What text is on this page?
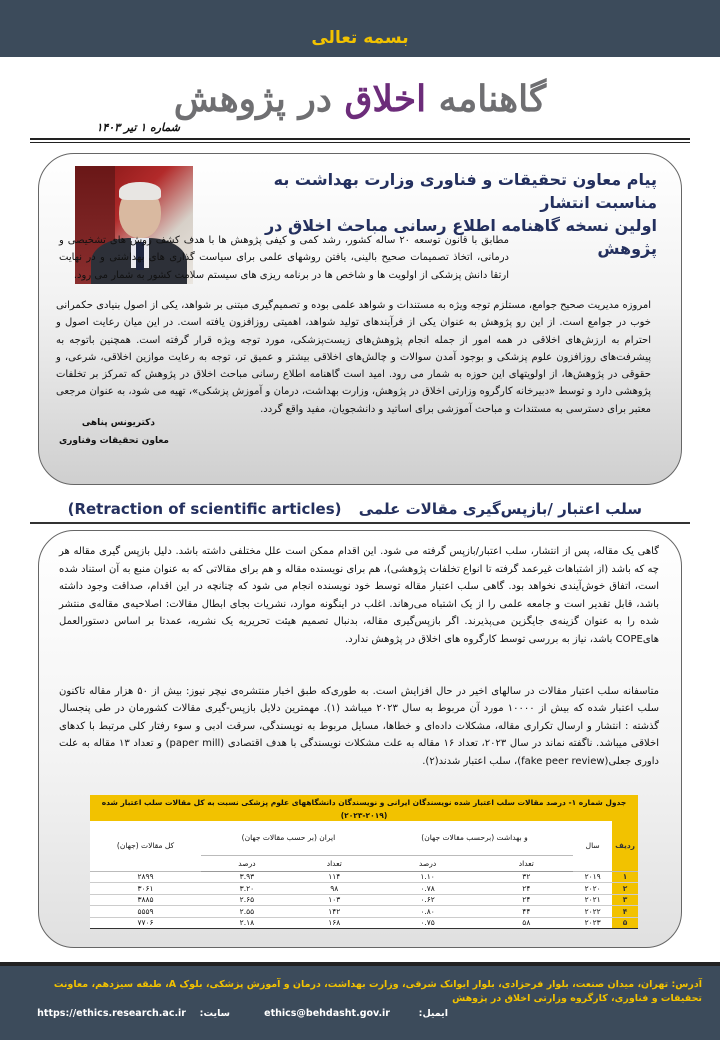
بسمه تعالی
گاهنامه اخلاق در پژوهش
شماره ۱ تیر ۱۴۰۳
پیام معاون تحقیقات و فناوری وزارت بهداشت به مناسبت انتشار
اولین نسخه گاهنامه اطلاع رسانی مباحث اخلاق در پژوهش

مطابق با قانون توسعه ۲۰ ساله کشور، رشد کمی و کیفی پژوهش ها با هدف کشف روش های تشخیصی و درمانی، اتخاذ تصمیمات صحیح بالینی، یافتن روشهای علمی برای سیاست گذاری های بهداشتی و در نهایت ارتقا دانش پزشکی از اولویت ها و شاخص ها در برنامه ریزی های سیستم سلامت کشور به شمار می رود.

امروزه مدیریت صحیح جوامع، مستلزم توجه ویژه به مستندات و شواهد علمی بوده و تصمیم‌گیری مبتنی بر شواهد، یکی از اصول بنیادی حکمرانی خوب در جوامع است. از این رو پژوهش به عنوان یکی از فرآیندهای تولید شواهد، اهمیتی روزافزون یافته است. در این میان رعایت اصول و احترام به ارزش‌های اخلاقی در همه امور از جمله انجام پژوهش‌های زیست‌پزشکی، مورد توجه ویژه قرار گرفته است. همچنین باتوجه به پیشرفت‌های روزافزون علوم پزشکی و بوجود آمدن سوالات و چالش‌های اخلاقی بیشتر و عمیق تر، توجه به رعایت موازین اخلاقی، شرعی، و حقوقی در پژوهش‌ها، از اولویتهای این حوزه به شمار می رود. امید است گاهنامه اطلاع رسانی مباحث اخلاق در پژوهش که تمرکز بر تخلفات پژوهشی دارد و توسط «دبیرخانه کارگروه وزارتی اخلاق در پژوهش، وزارت بهداشت، درمان و آموزش پزشکی»، تهیه می شود، به عنوان مرجعی معتبر برای دسترسی به مستندات و مباحث آموزشی برای اساتید و دانشجویان، مفید واقع گردد.

دکتریونس پناهی
معاون تحقیقات وفناوری
سلب اعتبار /بازپس‌گیری مقالات علمی (Retraction of scientific articles)

گاهی یک مقاله، پس از انتشار، سلب اعتبار/بازپس گرفته می شود. این اقدام ممکن است علل مختلفی داشته باشد. دلیل بازپس گیری مقاله هر چه که باشد (از اشتباهات غیرعمد گرفته تا انواع تخلفات پژوهشی)، هم برای نویسنده مقاله و هم برای مقالاتی که به عنوان منبع به آن استناد شده است، اتفاق خوش‌آیندی نخواهد بود. گاهی سلب اعتبار مقاله توسط خود نویسنده انجام می شود که چنانچه در این اقدام، صداقت وجود داشته باشد، قابل تقدیر است و جامعه علمی را از یک اشتباه می‌رهاند. اغلب در اینگونه موارد، نشریات بجای ابطال مقالات: اصلاحیه‌ی مقاله‌ی منتشر شده را به عنوان گزینه‌ی جایگزین می‌پذیرند. اگر بازپس‌گیری مقاله، بدنبال تصمیم هیئت تحریریه یک نشریه، عمدتا بر اساس دستورالعمل هایCOPE باشد، نیاز به بررسی توسط کارگروه های اخلاق در پژوهش ندارد.

متاسفانه سلب اعتبار مقالات در سالهای اخیر در حال افزایش است. به طوری‌که طبق اخبار منتشره‌ی نیچر نیوز: بیش از ۵۰ هزار مقاله تاکنون سلب اعتبار شده که بیش از ۱۰۰۰۰ مورد آن مربوط به سال ۲۰۲۳ میباشد (۱). مهمترین دلایل بازپس-گیری مقالات کشورمان در طی پنجسال گذشته : انتشار و ارسال تکراری مقاله، مشکلات داده‌ای و خطاها، مسایل مربوط به نویسندگی، سرقت ادبی و سوء رفتار کلی مرتبط با کدهای اخلاقی میباشد. ناگفته نماند در سال ۲۰۲۳، تعداد ۱۶ مقاله به علت مشکلات نویسندگی با هدف اقتصادی (paper mill) و تعداد ۱۳ مقاله به علت داوری جعلی(fake peer review)، سلب اعتبار شدند(۲).

جدول شماره ۱- درصد مقالات سلب اعتبار شده نویسندگان ایرانی و نویسندگان دانشگاههای علوم پزشکی نسبت به کل مقالات سلب اعتبار شده						
(۲۰۲۳-۲۰۱۹)						
ردیف	سال	و بهداشت (برحسب مقالات جهان)		ایران (بر حسب مقالات جهان)		کل مقالات (جهان)
		تعداد	درصد	تعداد	درصد	
۱	۲۰۱۹	۳۲	۱.۱۰	۱۱۴	۳.۹۳	۲۸۹۹
۲	۲۰۲۰	۲۴	۰.۷۸	۹۸	۳.۲۰	۳۰۶۱
۳	۲۰۲۱	۲۴	۰.۶۲	۱۰۳	۲.۶۵	۳۸۸۵
۴	۲۰۲۲	۴۴	۰.۸۰	۱۴۲	۲.۵۵	۵۵۵۹
۵	۲۰۲۳	۵۸	۰.۷۵	۱۶۸	۲.۱۸	۷۷۰۶
آدرس: تهران، میدان صنعت، بلوار فرحزادی، بلوار ایوانک شرقی، وزارت بهداشت، درمان و آموزش پزشکی، بلوک A، طبقه سیزدهم، معاونت تحقیقات و فناوری، کارگروه وزارتی اخلاق در پژوهش
ایمیل:
ethics@behdasht.gov.ir
سایت:
https://ethics.research.ac.ir
